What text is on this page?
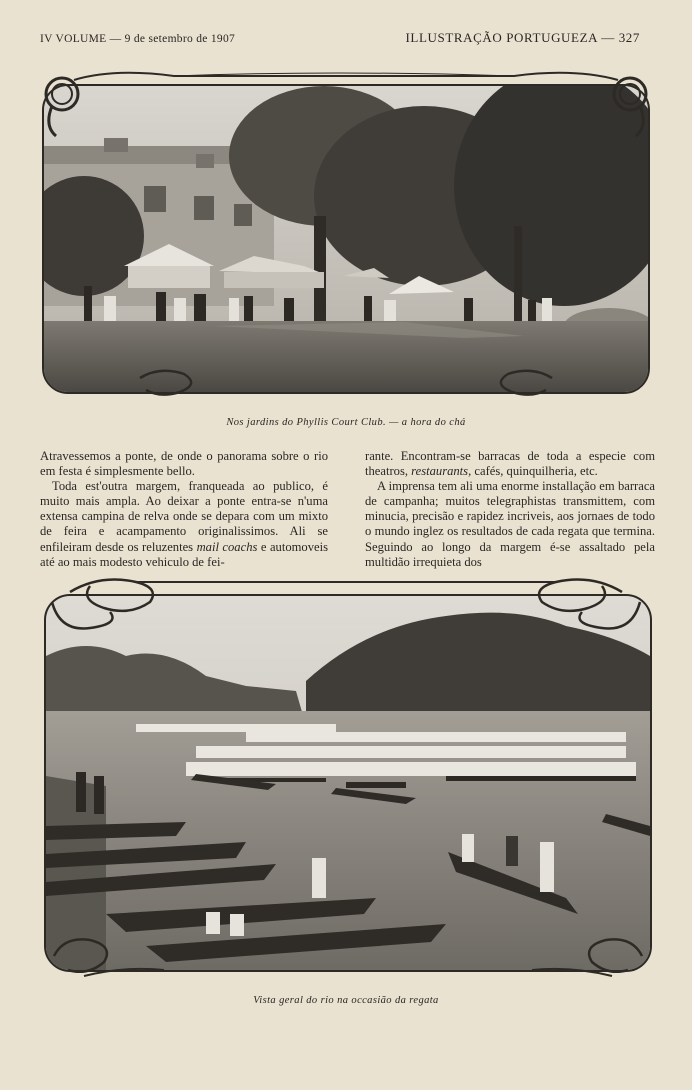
IV VOLUME — 9 de setembro de 1907	ILLUSTRAÇÃO PORTUGUEZA — 327
Nos jardins do Phyllis Court Club. — a hora do chá

Atravessemos a ponte, de onde o panorama sobre o rio em festa é simplesmente bello.

Toda est'outra margem, franqueada ao publico, é muito mais ampla. Ao deixar a ponte entra-se n'uma extensa campina de relva onde se depara com um mixto de feira e acampamento originalissimos. Ali se enfileiram desde os reluzentes mail coachs e automoveis até ao mais modesto vehiculo de fei-

rante. Encontram-se barracas de toda a especie com theatros, restaurants, cafés, quinquilheria, etc.

A imprensa tem ali uma enorme installação em barraca de campanha; muitos telegraphistas transmittem, com minucia, precisão e rapidez incriveis, aos jornaes de todo o mundo inglez os resultados de cada regata que termina. Seguindo ao longo da margem é-se assaltado pela multidão irrequieta dos

Vista geral do rio na occasião da regata
